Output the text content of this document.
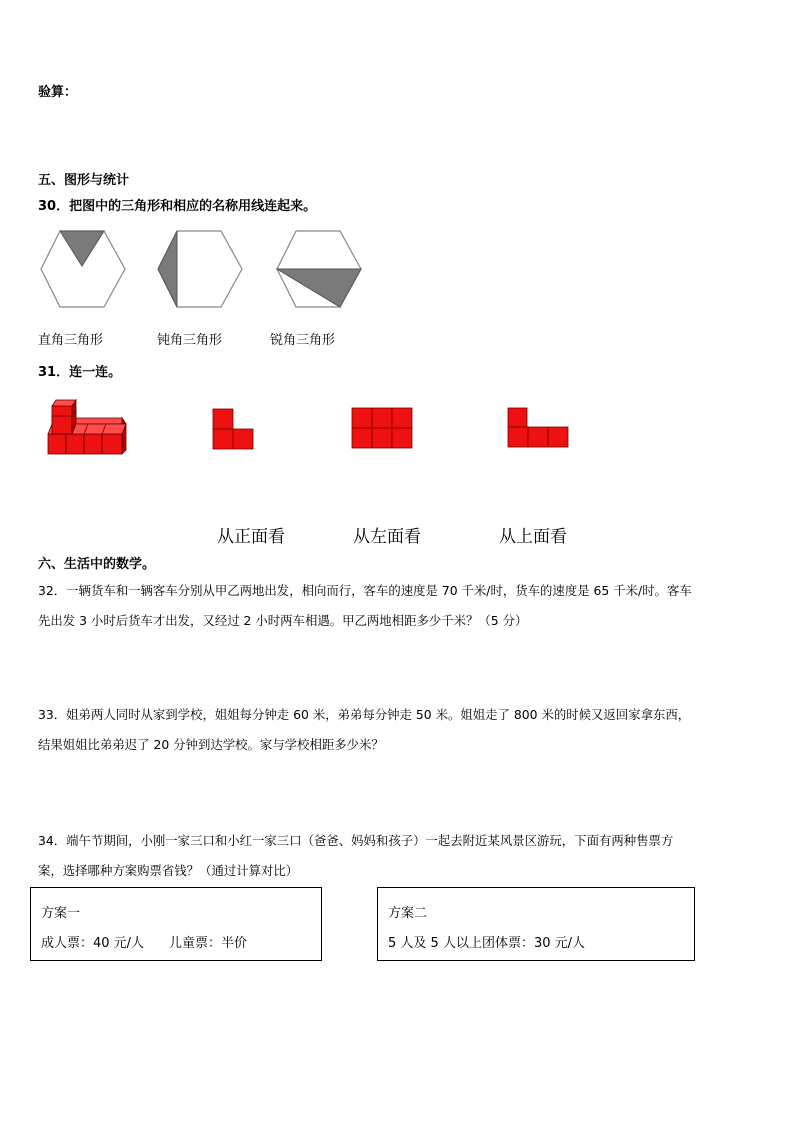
验算：
五、图形与统计
30．把图中的三角形和相应的名称用线连起来。
直角三角形	钝角三角形	锐角三角形
31．连一连。
从正面看	从左面看	从上面看
六、生活中的数学。
32．一辆货车和一辆客车分别从甲乙两地出发，相向而行，客车的速度是 70 千米/时，货车的速度是 65 千米/时。客车
先出发 3 小时后货车才出发，又经过 2 小时两车相遇。甲乙两地相距多少千米？（5 分）
33．姐弟两人同时从家到学校，姐姐每分钟走 60 米，弟弟每分钟走 50 米。姐姐走了 800 米的时候又返回家拿东西，
结果姐姐比弟弟迟了 20 分钟到达学校。家与学校相距多少米？
34．端午节期间，小刚一家三口和小红一家三口（爸爸、妈妈和孩子）一起去附近某风景区游玩，下面有两种售票方
案，选择哪种方案购票省钱？（通过计算对比）
方案一
成人票：40 元/人 儿童票：半价
方案二
5 人及 5 人以上团体票：30 元/人
